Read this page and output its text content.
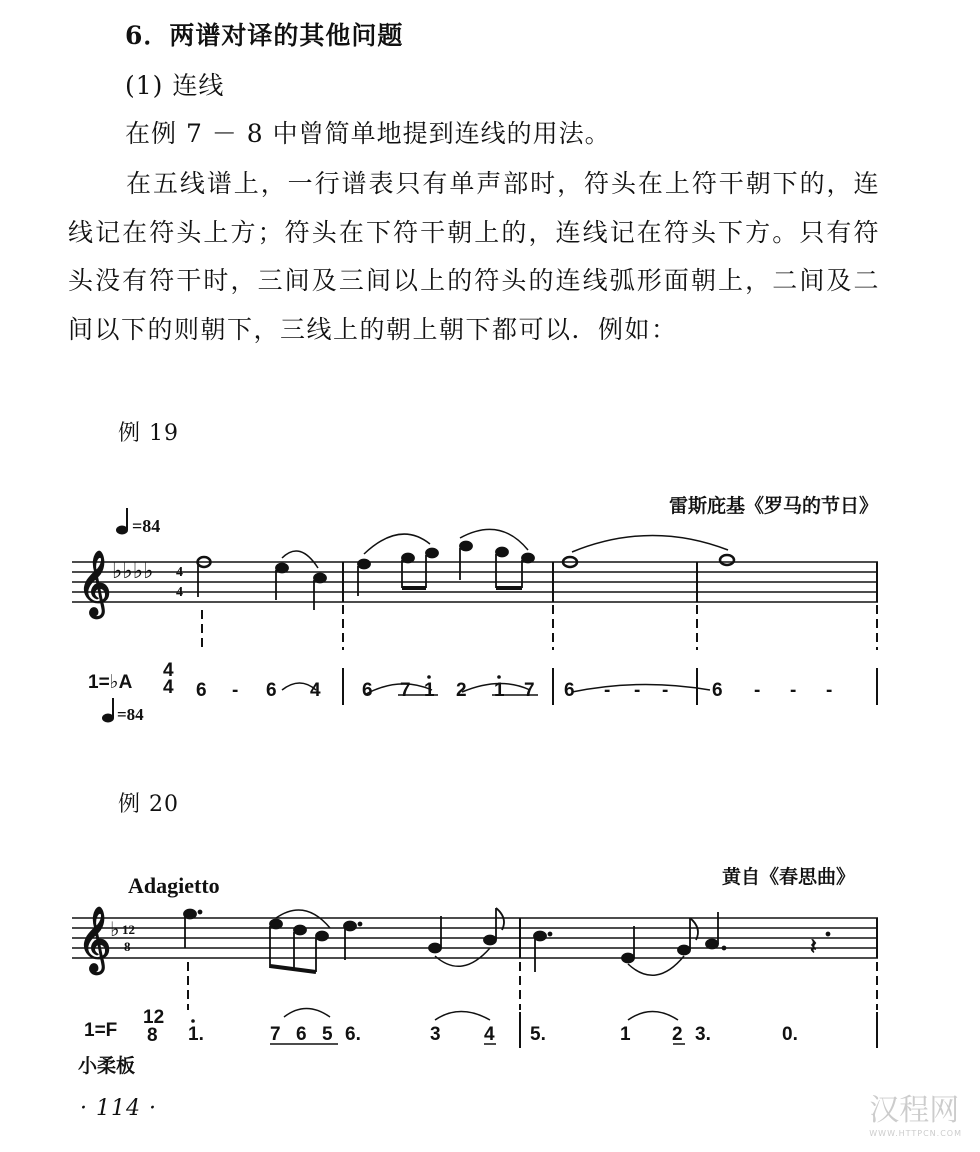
6．两谱对译的其他问题
(1) 连线
在例 7 － 8 中曾简单地提到连线的用法。
在五线谱上，一行谱表只有单声部时，符头在上符干朝下的，连线记在符头上方；符头在下符干朝上的，连线记在符头下方。只有符头没有符干时，三间及三间以上的符头的连线弧形面朝上，二间及二间以下的则朝下，三线上的朝上朝下都可以．例如：
例 19
雷斯庇基《罗马的节日》
=84
𝄞 ♭♭♭♭ 4
4
1=♭A
4
4 6 - 6 4 6 7 1 2 1 7 6 - - - 6 - - -
=84
例 20
Adagietto	黄自《春思曲》
𝄞
♭ 12
8	𝄽
1=F
12
8 1.	7 6 5 6.	3 4 5.	1 2 3.	0.
小柔板
· 114 ·	汉程网
WWW.HTTPCN.COM
